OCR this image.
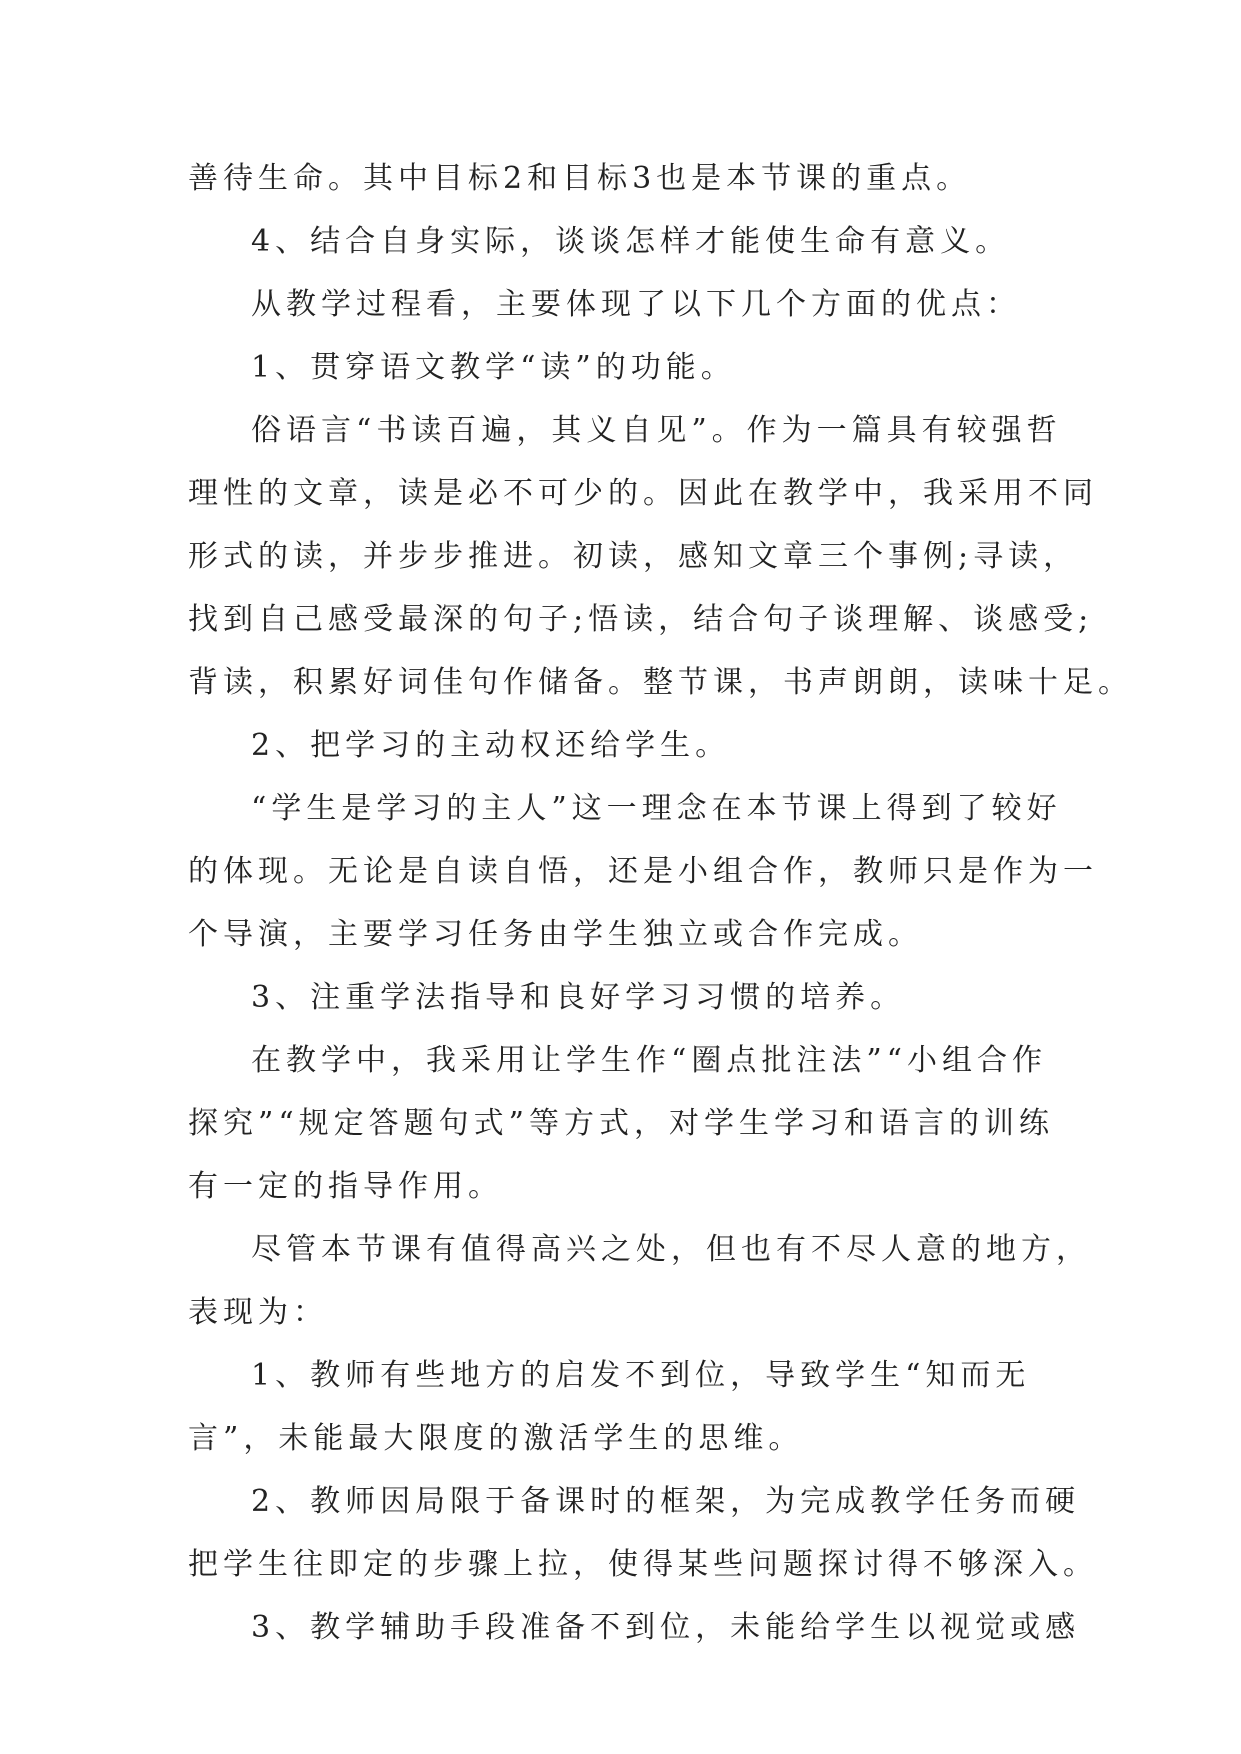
善待生命。其中目标2和目标3也是本节课的重点。
4、结合自身实际，谈谈怎样才能使生命有意义。
从教学过程看，主要体现了以下几个方面的优点：
1、贯穿语文教学“读”的功能。
俗语言“书读百遍，其义自见”。作为一篇具有较强哲
理性的文章，读是必不可少的。因此在教学中，我采用不同
形式的读，并步步推进。初读，感知文章三个事例;寻读，
找到自己感受最深的句子;悟读，结合句子谈理解、谈感受;
背读，积累好词佳句作储备。整节课，书声朗朗，读味十足。
2、把学习的主动权还给学生。
“学生是学习的主人”这一理念在本节课上得到了较好
的体现。无论是自读自悟，还是小组合作，教师只是作为一
个导演，主要学习任务由学生独立或合作完成。
3、注重学法指导和良好学习习惯的培养。
在教学中，我采用让学生作“圈点批注法”“小组合作
探究”“规定答题句式”等方式，对学生学习和语言的训练
有一定的指导作用。
尽管本节课有值得高兴之处，但也有不尽人意的地方，
表现为：
1、教师有些地方的启发不到位，导致学生“知而无
言”，未能最大限度的激活学生的思维。
2、教师因局限于备课时的框架，为完成教学任务而硬
把学生往即定的步骤上拉，使得某些问题探讨得不够深入。
3、教学辅助手段准备不到位，未能给学生以视觉或感
